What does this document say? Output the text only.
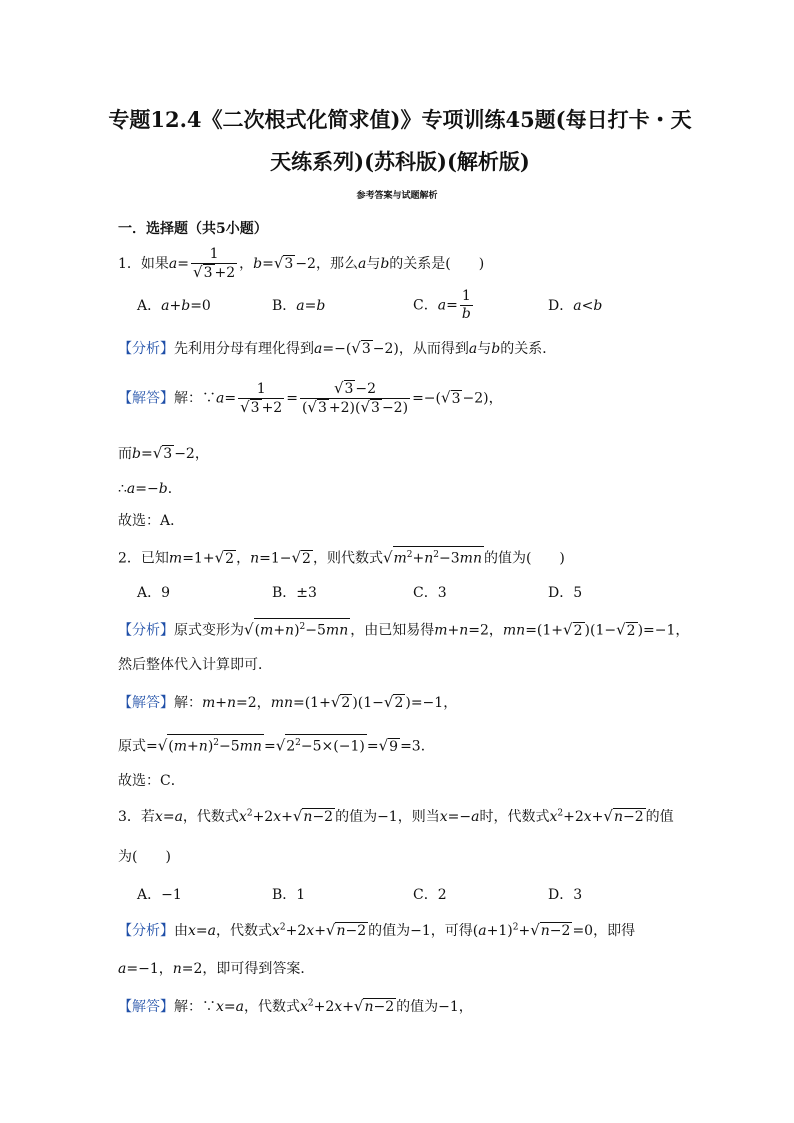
专题12.4《二次根式化简求值)》专项训练45题(每日打卡・天
天练系列)(苏科版)(解析版)
参考答案与试题解析
一．选择题（共5小题）
1．如果$a= \frac{1}{√3 +2}$ ，b=√3 −2，那么a与b的关系是(　　)
A．a+b=0	B．a=b	C．$a= \frac{1}{b}$	D．a<b
【分析】先利用分母有理化得到a=−(√3 −2)，从而得到a与b的关系．
【解答】解：∵a= $\frac{1}{√3 +2} = \frac{√3 -2}{(√3 +2)(√3 -2)} =-(√3 -2)$，
而b=√3 −2，
∴a=−b．
故选：A．
2．已知m=1+√2 ，n=1−√2 ，则代数式$√m^2+n^2-3mn$ 的值为(　　)
A．9	B．±3	C．3	D．5
【分析】原式变形为$√(m+n)^2-5mn$ ，由已知易得m+n=2，mn=(1+√2 )(1−√2 )=−1，
然后整体代入计算即可．
【解答】解：m+n=2，mn=(1+√2 )(1−√2 )=−1，
原式$=√(m+n)^2-5mn =√2^2-5\times(-1) =√9 =3$．
故选：C．
3．若x=a，代数式$x^2+2x+√n-2$ 的值为−1，则当x=−a时，代数式$x^2+2x+√n-2$ 的值
为(　　)
A．−1	B．1	C．2	D．3
【分析】由x=a，代数式$x^2+2x+√n-2$ 的值为−1，可得$(a+1)^2+√n-2 =0$，即得
a=−1，n=2，即可得到答案．
【解答】解：∵x=a，代数式$x^2+2x+√n-2$ 的值为−1，
